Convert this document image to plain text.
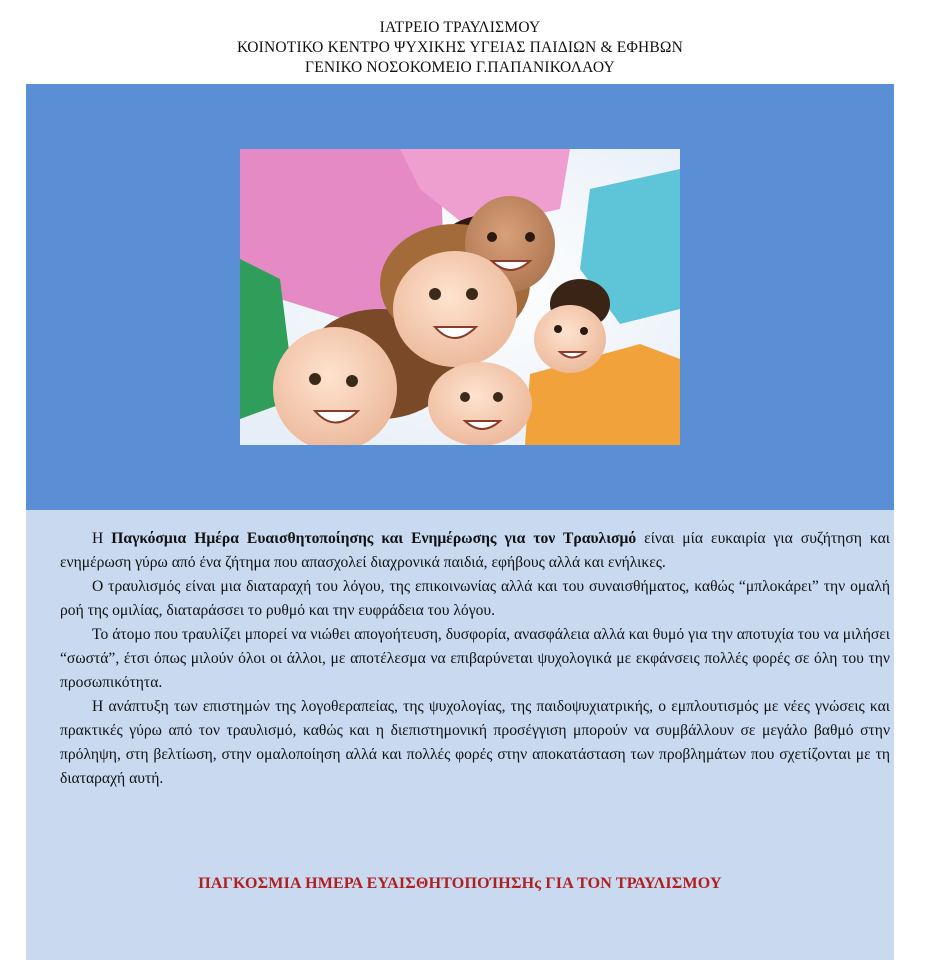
ΙΑΤΡΕΙΟ ΤΡΑΥΛΙΣΜΟΥ
ΚΟΙΝΟΤΙΚΟ ΚΕΝΤΡΟ ΨΥΧΙΚΗΣ ΥΓΕΙΑΣ ΠΑΙΔΙΩΝ & ΕΦΗΒΩΝ
ΓΕΝΙΚΟ ΝΟΣΟΚΟΜΕΙΟ Γ.ΠΑΠΑΝΙΚΟΛΑΟΥ

Η Παγκόσμια Ημέρα Ευαισθητοποίησης και Ενημέρωσης για τον Τραυλισμό είναι μία ευκαιρία για συζήτηση και ενημέρωση γύρω από ένα ζήτημα που απασχολεί διαχρονικά παιδιά, εφήβους αλλά και ενήλικες.

Ο τραυλισμός είναι μια διαταραχή του λόγου, της επικοινωνίας αλλά και του συναισθήματος, καθώς “μπλοκάρει” την ομαλή ροή της ομιλίας, διαταράσσει το ρυθμό και την ευφράδεια του λόγου.

Το άτομο που τραυλίζει μπορεί να νιώθει απογοήτευση, δυσφορία, ανασφάλεια αλλά και θυμό για την αποτυχία του να μιλήσει “σωστά”, έτσι όπως μιλούν όλοι οι άλλοι, με αποτέλεσμα να επιβαρύνεται ψυχολογικά με εκφάνσεις πολλές φορές σε όλη του την προσωπικότητα.

Η ανάπτυξη των επιστημών της λογοθεραπείας, της ψυχολογίας, της παιδοψυχιατρικής, ο εμπλουτισμός με νέες γνώσεις και πρακτικές γύρω από τον τραυλισμό, καθώς και η διεπιστημονική προσέγγιση μπορούν να συμβάλλουν σε μεγάλο βαθμό στην πρόληψη, στη βελτίωση, στην ομαλοποίηση αλλά και πολλές φορές στην αποκατάσταση των προβλημάτων που σχετίζονται με τη διαταραχή αυτή.

ΠΑΓΚΟΣΜΙΑ ΗΜΕΡΑ ΕΥΑΙΣΘΗΤΟΠΟΊΗΣΗς ΓΙΑ ΤΟΝ ΤΡΑΥΛΙΣΜΟΥ
